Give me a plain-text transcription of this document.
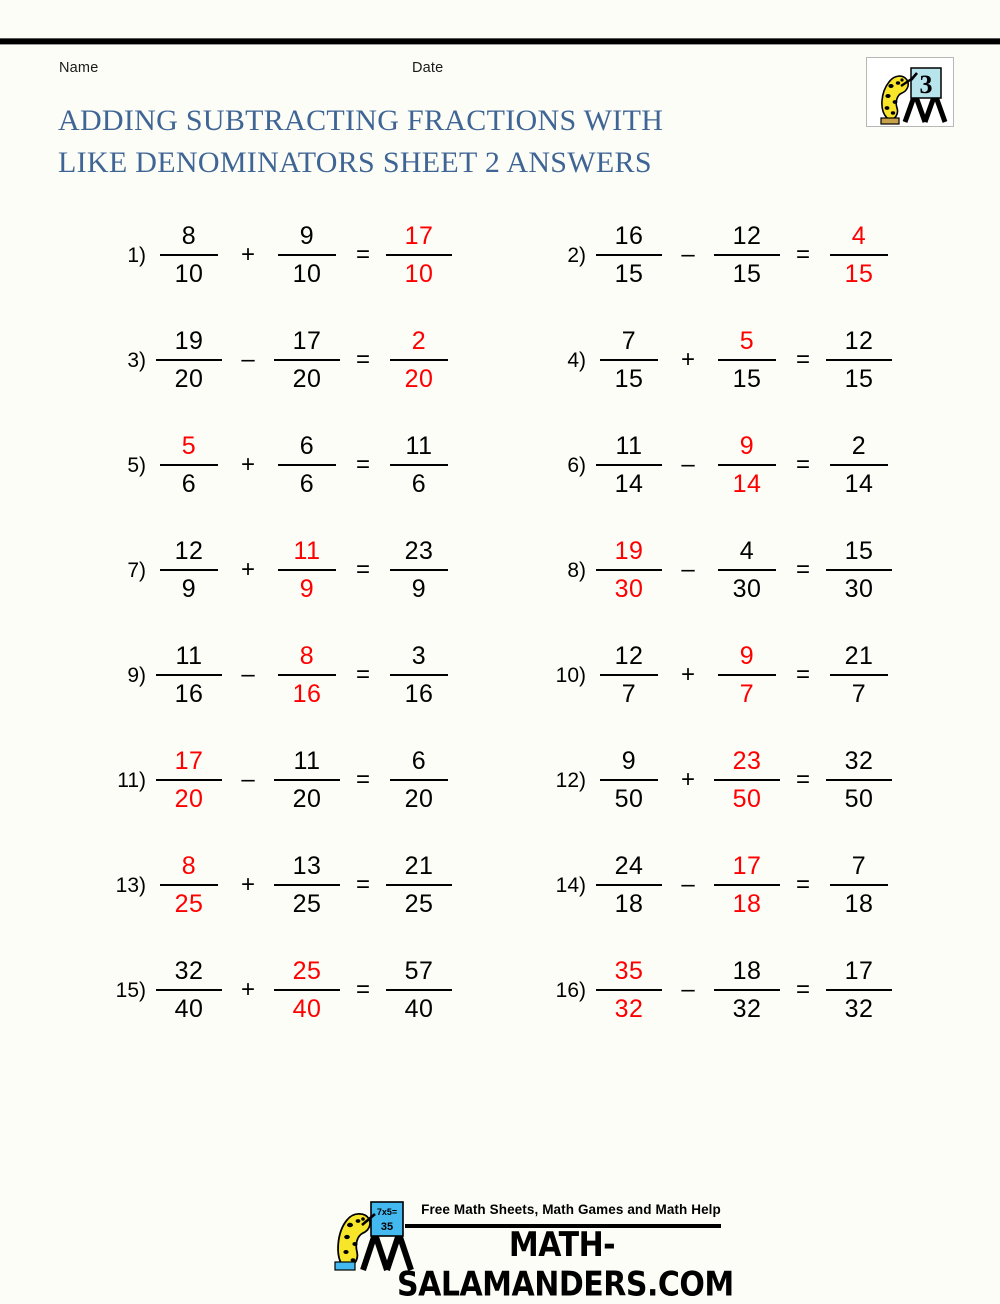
Name	Date
ADDING SUBTRACTING FRACTIONS WITH
LIKE DENOMINATORS SHEET 2 ANSWERS
3
$1) \frac{8}{10} + \frac{9}{10} = \frac{17}{10}$	$2) \frac{16}{15} - \frac{12}{15} = \frac{4}{15}$
$3) \frac{19}{20} - \frac{17}{20} = \frac{2}{20}$	$4) \frac{7}{15} + \frac{5}{15} = \frac{12}{15}$
$5) \frac{5}{6} + \frac{6}{6} = \frac{11}{6}$	$6) \frac{11}{14} - \frac{9}{14} = \frac{2}{14}$
$7) \frac{12}{9} + \frac{11}{9} = \frac{23}{9}$	$8) \frac{19}{30} - \frac{4}{30} = \frac{15}{30}$
$9) \frac{11}{16} - \frac{8}{16} = \frac{3}{16}$	$10) \frac{12}{7} + \frac{9}{7} = \frac{21}{7}$
$11) \frac{17}{20} - \frac{11}{20} = \frac{6}{20}$	$12) \frac{9}{50} + \frac{23}{50} = \frac{32}{50}$
$13) \frac{8}{25} + \frac{13}{25} = \frac{21}{25}$	$14) \frac{24}{18} - \frac{17}{18} = \frac{7}{18}$
$15) \frac{32}{40} + \frac{25}{40} = \frac{57}{40}$	$16) \frac{35}{32} - \frac{18}{32} = \frac{17}{32}$
7x5=
35
Free Math Sheets, Math Games and Math Help
MATH-SALAMANDERS.COM
